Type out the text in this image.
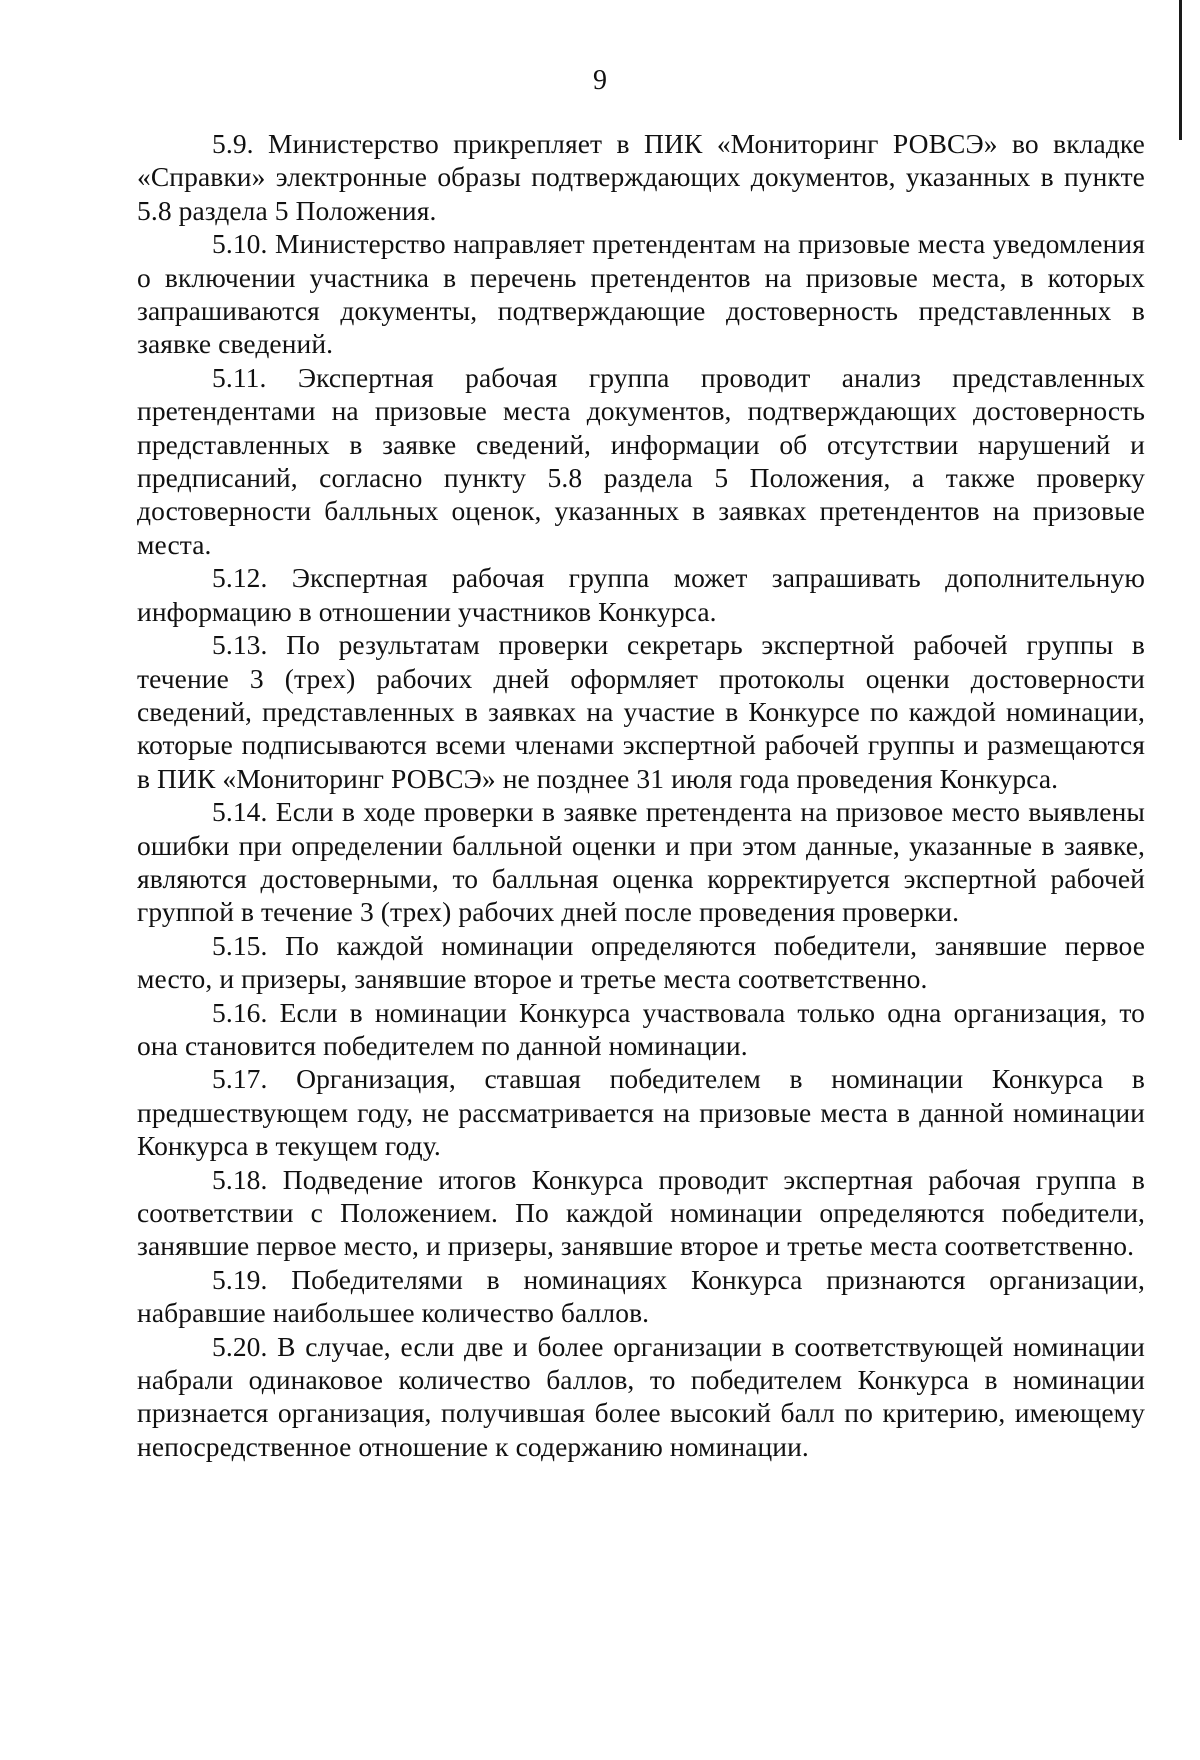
9

5.9. Министерство прикрепляет в ПИК «Мониторинг РОВСЭ» во вкладке «Справки» электронные образы подтверждающих документов, указанных в пункте 5.8 раздела 5 Положения.

5.10. Министерство направляет претендентам на призовые места уведомления о включении участника в перечень претендентов на призовые места, в которых запрашиваются документы, подтверждающие достоверность представленных в заявке сведений.

5.11. Экспертная рабочая группа проводит анализ представленных претендентами на призовые места документов, подтверждающих достоверность представленных в заявке сведений, информации об отсутствии нарушений и предписаний, согласно пункту 5.8 раздела 5 Положения, а также проверку достоверности балльных оценок, указанных в заявках претендентов на призовые места.

5.12. Экспертная рабочая группа может запрашивать дополнительную информацию в отношении участников Конкурса.

5.13. По результатам проверки секретарь экспертной рабочей группы в течение 3 (трех) рабочих дней оформляет протоколы оценки достоверности сведений, представленных в заявках на участие в Конкурсе по каждой номинации, которые подписываются всеми членами экспертной рабочей группы и размещаются в ПИК «Мониторинг РОВСЭ» не позднее 31 июля года проведения Конкурса.

5.14. Если в ходе проверки в заявке претендента на призовое место выявлены ошибки при определении балльной оценки и при этом данные, указанные в заявке, являются достоверными, то балльная оценка корректируется экспертной рабочей группой в течение 3 (трех) рабочих дней после проведения проверки.

5.15. По каждой номинации определяются победители, занявшие первое место, и призеры, занявшие второе и третье места соответственно.

5.16. Если в номинации Конкурса участвовала только одна организация, то она становится победителем по данной номинации.

5.17. Организация, ставшая победителем в номинации Конкурса в предшествующем году, не рассматривается на призовые места в данной номинации Конкурса в текущем году.

5.18. Подведение итогов Конкурса проводит экспертная рабочая группа в соответствии с Положением. По каждой номинации определяются победители, занявшие первое место, и призеры, занявшие второе и третье места соответственно.

5.19. Победителями в номинациях Конкурса признаются организации, набравшие наибольшее количество баллов.

5.20. В случае, если две и более организации в соответствующей номинации набрали одинаковое количество баллов, то победителем Конкурса в номинации признается организация, получившая более высокий балл по критерию, имеющему непосредственное отношение к содержанию номинации.
